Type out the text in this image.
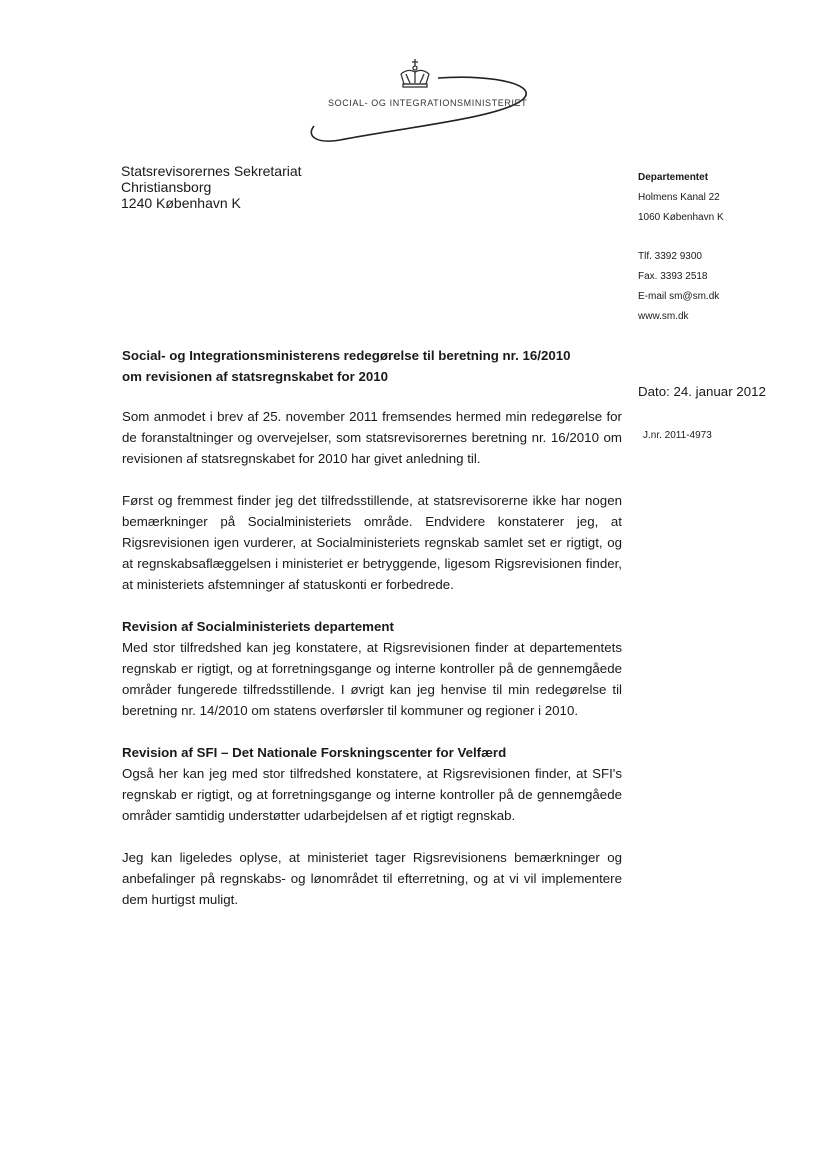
SOCIAL- OG INTEGRATIONSMINISTERIET
Statsrevisorernes Sekretariat
Christiansborg
1240 København K
Departementet
Holmens Kanal 22
1060 København K
Tlf. 3392 9300
Fax. 3393 2518
E-mail sm@sm.dk
www.sm.dk
Social- og Integrationsministerens redegørelse til beretning nr. 16/2010
om revisionen af statsregnskabet for 2010
Dato: 24. januar 2012
J.nr. 2011-4973

Som anmodet i brev af 25. november 2011 fremsendes hermed min redegørelse for de foranstaltninger og overvejelser, som statsrevisorernes beretning nr. 16/2010 om revisionen af statsregnskabet for 2010 har givet anledning til.

Først og fremmest finder jeg det tilfredsstillende, at statsrevisorerne ikke har nogen bemærkninger på Socialministeriets område. Endvidere konstaterer jeg, at Rigsrevisionen igen vurderer, at Socialministeriets regnskab samlet set er rigtigt, og at regnskabsaflæggelsen i ministeriet er betryggende, ligesom Rigsrevisionen finder, at ministeriets afstemninger af statuskonti er forbedrede.

Revision af Socialministeriets departement

Med stor tilfredshed kan jeg konstatere, at Rigsrevisionen finder at departementets regnskab er rigtigt, og at forretningsgange og interne kontroller på de gennemgåede områder fungerede tilfredsstillende. I øvrigt kan jeg henvise til min redegørelse til beretning nr. 14/2010 om statens overførsler til kommuner og regioner i 2010.

Revision af SFI – Det Nationale Forskningscenter for Velfærd

Også her kan jeg med stor tilfredshed konstatere, at Rigsrevisionen finder, at SFI's regnskab er rigtigt, og at forretningsgange og interne kontroller på de gennemgåede områder samtidig understøtter udarbejdelsen af et rigtigt regnskab.

Jeg kan ligeledes oplyse, at ministeriet tager Rigsrevisionens bemærkninger og anbefalinger på regnskabs- og lønområdet til efterretning, og at vi vil implementere dem hurtigst muligt.
